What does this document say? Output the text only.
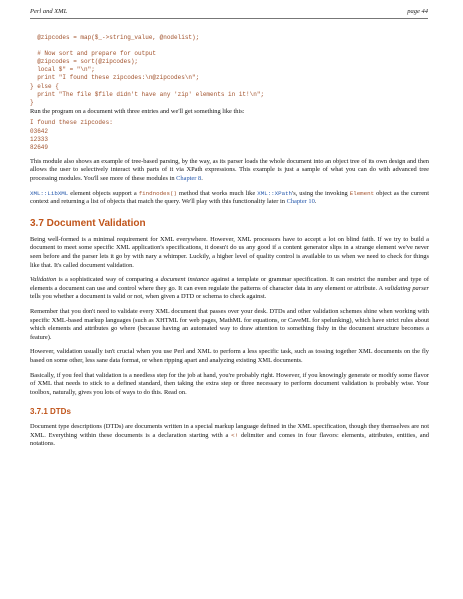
Perl and XML	page 44
@zipcodes = map($_->string_value, @nodelist);

# Now sort and prepare for output
@zipcodes = sort(@zipcodes);
local $" = "\n";
print "I found these zipcodes:\n@zipcodes\n";
} else {
print "The file $file didn't have any 'zip' elements in it!\n";
}

Run the program on a document with three entries and we'll get something like this:

I found these zipcodes:
03642
12333
82649

This module also shows an example of tree-based parsing, by the way, as its parser loads the whole document into an object tree of its own design and then allows the user to selectively interact with parts of it via XPath expressions. This example is just a sample of what you can do with advanced tree processing modules. You'll see more of these modules in Chapter 8.

XML::LibXML element objects support a findnodes() method that works much like XML::XPath's, using the invoking Element object as the current context and returning a list of objects that match the query. We'll play with this functionality later in Chapter 10.

3.7 Document Validation

Being well-formed is a minimal requirement for XML everywhere. However, XML processors have to accept a lot on blind faith. If we try to build a document to meet some specific XML application's specifications, it doesn't do us any good if a content generator slips in a strange element we've never seen before and the parser lets it go by with nary a whimper. Luckily, a higher level of quality control is available to us when we need to check for things like that. It's called document validation.

Validation is a sophisticated way of comparing a document instance against a template or grammar specification. It can restrict the number and type of elements a document can use and control where they go. It can even regulate the patterns of character data in any element or attribute. A validating parser tells you whether a document is valid or not, when given a DTD or schema to check against.

Remember that you don't need to validate every XML document that passes over your desk. DTDs and other validation schemes shine when working with specific XML-based markup languages (such as XHTML for web pages, MathML for equations, or CaveML for spelunking), which have strict rules about which elements and attributes go where (because having an automated way to draw attention to something fishy in the document structure becomes a feature).

However, validation usually isn't crucial when you use Perl and XML to perform a less specific task, such as tossing together XML documents on the fly based on some other, less sane data format, or when ripping apart and analyzing existing XML documents.

Basically, if you feel that validation is a needless step for the job at hand, you're probably right. However, if you knowingly generate or modify some flavor of XML that needs to stick to a defined standard, then taking the extra step or three necessary to perform document validation is probably wise. Your toolbox, naturally, gives you lots of ways to do this. Read on.

3.7.1 DTDs

Document type descriptions (DTDs) are documents written in a special markup language defined in the XML specification, though they themselves are not XML. Everything within these documents is a declaration starting with a <! delimiter and comes in four flavors: elements, attributes, entities, and notations.
